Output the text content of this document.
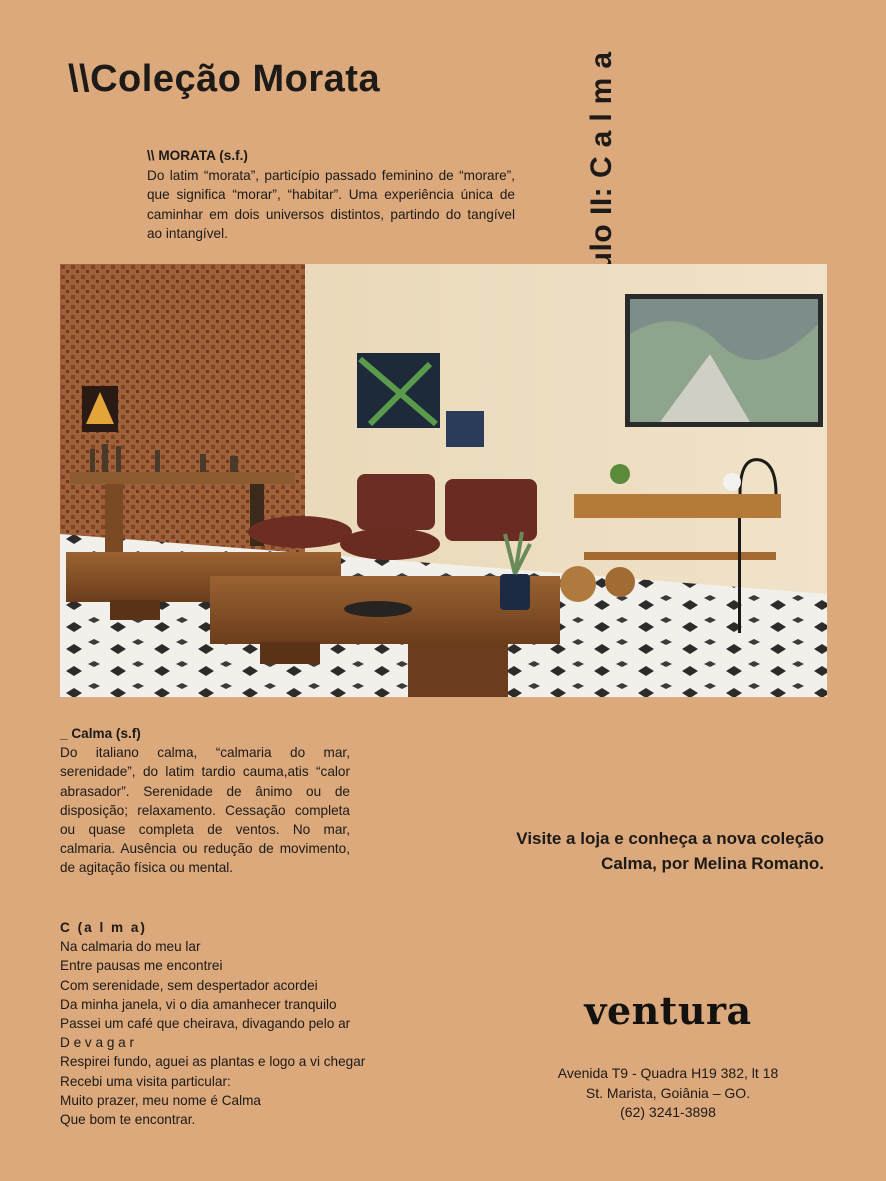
\\Coleção Morata
\\ MORATA (s.f.)
Do latim “morata”, particípio passado feminino de “morare”, que significa “morar”, “habitar”. Uma experiência única de caminhar em dois universos distintos, partindo do tangível ao intangível.
Calma
_ Calma (s.f)
Do italiano calma, “calmaria do mar, serenidade”, do latim tardio cauma,atis “calor abrasador”. Serenidade de ânimo ou de disposição; relaxamento. Cessação completa ou quase completa de ventos. No mar, calmaria. Ausência ou redução de movimento, de agitação física ou mental.
Visite a loja e conheça a nova coleção
Calma, por Melina Romano.
C (a l m a)
Na calmaria do meu lar
Entre pausas me encontrei
Com serenidade, sem despertador acordei
Da minha janela, vi o dia amanhecer tranquilo
Passei um café que cheirava, divagando pelo ar
D e v a g a r
Respirei fundo, aguei as plantas e logo a vi chegar
Recebi uma visita particular:
Muito prazer, meu nome é Calma
Que bom te encontrar.
ventura
Avenida T9 - Quadra H19 382, lt 18
St. Marista, Goiânia – GO.
(62) 3241-3898
